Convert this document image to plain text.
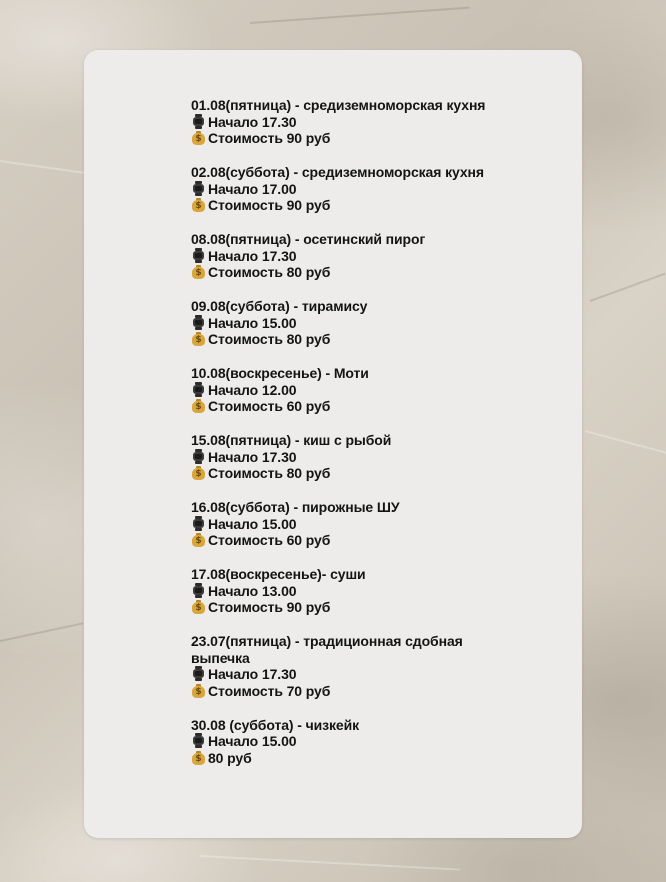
01.08(пятница) - средиземноморская кухня
Начало 17.30
$ Стоимость 90 руб
02.08(суббота) - средиземноморская кухня
Начало 17.00
$ Стоимость 90 руб
08.08(пятница) - осетинский пирог
Начало 17.30
$ Стоимость 80 руб
09.08(суббота) - тирамису
Начало 15.00
$ Стоимость 80 руб
10.08(воскресенье) - Моти
Начало 12.00
$ Стоимость 60 руб
15.08(пятница) - киш с рыбой
Начало 17.30
$ Стоимость 80 руб
16.08(суббота) - пирожные ШУ
Начало 15.00
$ Стоимость 60 руб
17.08(воскресенье)- суши
Начало 13.00
$ Стоимость 90 руб
23.07(пятница) - традиционная сдобная выпечка
Начало 17.30
$ Стоимость 70 руб
30.08 (суббота) - чизкейк
Начало 15.00
$ 80 руб
